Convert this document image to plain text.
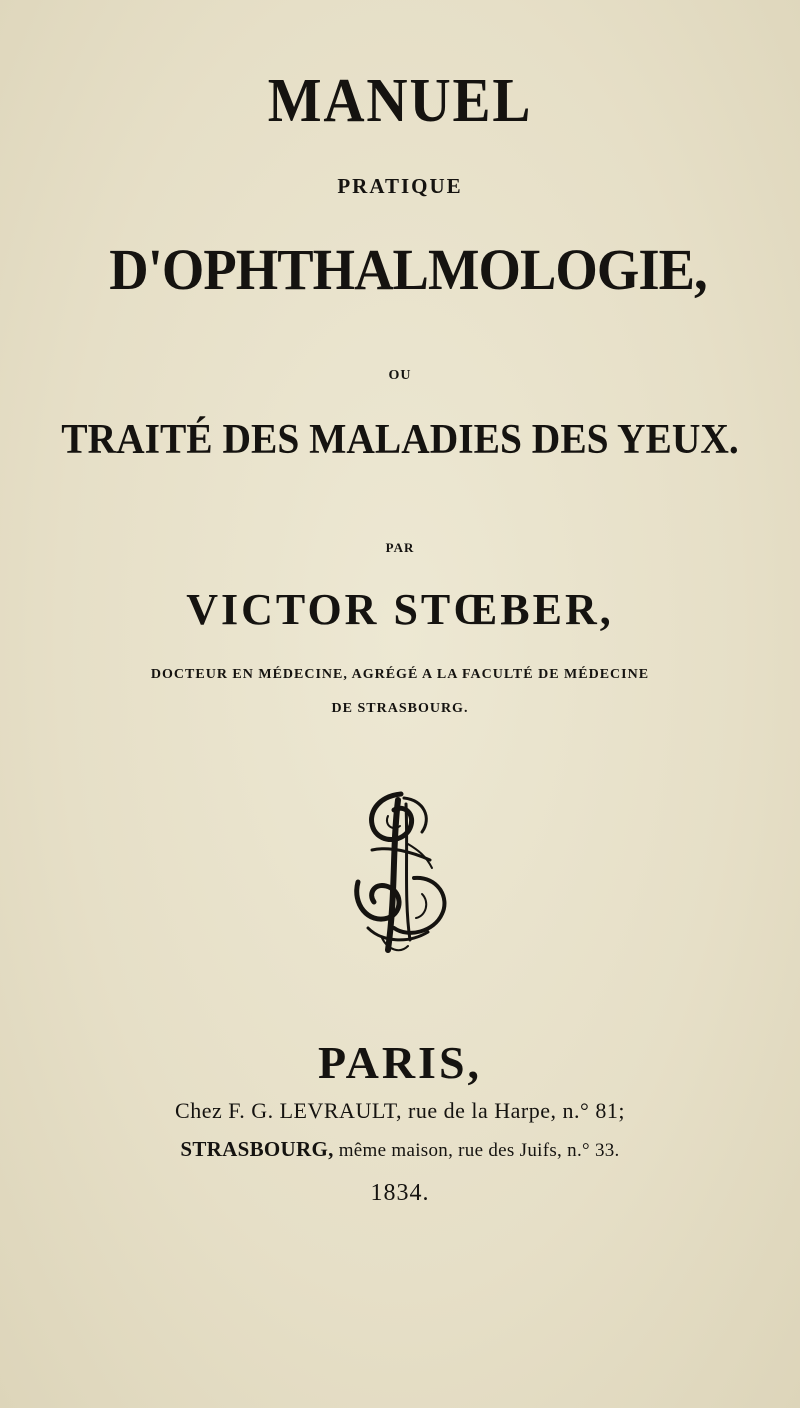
MANUEL
PRATIQUE
D'OPHTHALMOLOGIE,
OU
TRAITÉ DES MALADIES DES YEUX.
PAR
VICTOR STŒBER,
DOCTEUR EN MÉDECINE, AGRÉGÉ A LA FACULTÉ DE MÉDECINE
DE STRASBOURG.
PARIS,
Chez F. G. LEVRAULT, rue de la Harpe, n.° 81;
STRASBOURG, même maison, rue des Juifs, n.° 33.
1834.
